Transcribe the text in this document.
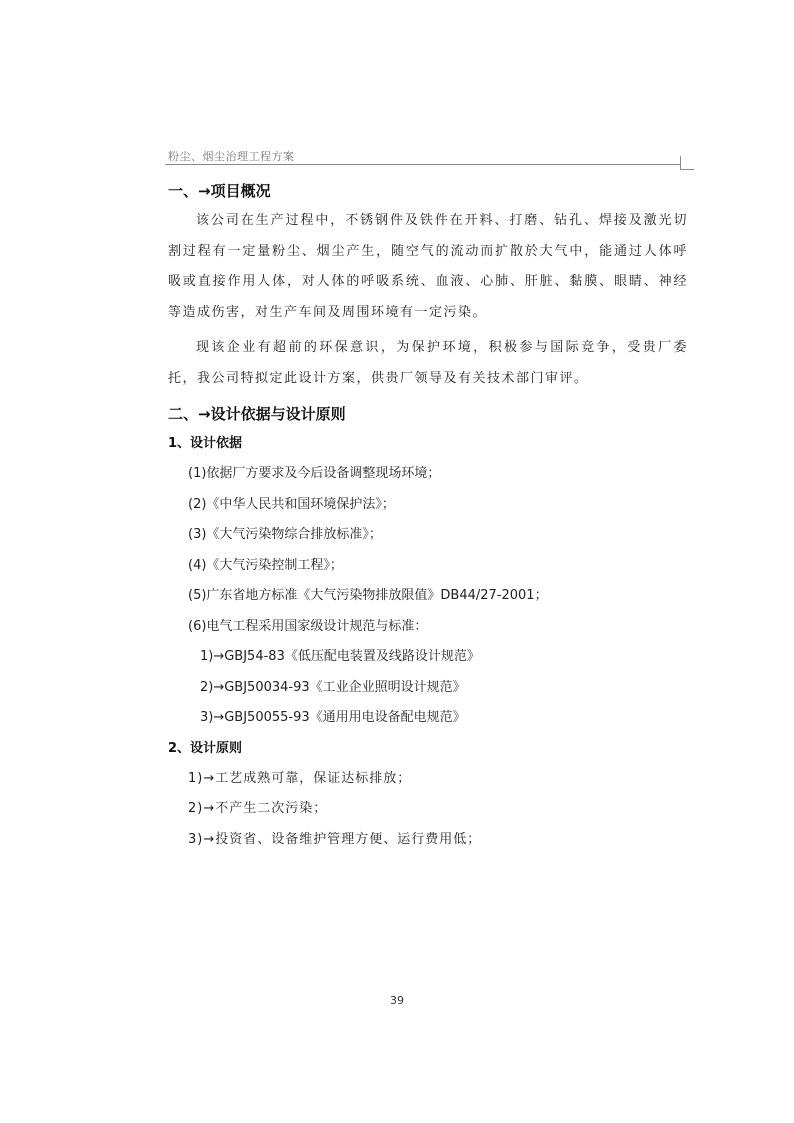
粉尘、烟尘治理工程方案
一、→项目概况

该公司在生产过程中，不锈钢件及铁件在开料、打磨、钻孔、焊接及激光切割过程有一定量粉尘、烟尘产生，随空气的流动而扩散於大气中，能通过人体呼吸或直接作用人体，对人体的呼吸系统、血液、心肺、肝脏、黏膜、眼睛、神经等造成伤害，对生产车间及周围环境有一定污染。

现该企业有超前的环保意识，为保护环境，积极参与国际竞争，受贵厂委托，我公司特拟定此设计方案，供贵厂领导及有关技术部门审评。

二、→设计依据与设计原则
1、设计依据
(1)依据厂方要求及今后设备调整现场环境；
(2)《中华人民共和国环境保护法》；
(3)《大气污染物综合排放标准》；
(4)《大气污染控制工程》；
(5)广东省地方标准《大气污染物排放限值》DB44/27-2001；
(6)电气工程采用国家级设计规范与标准：
1)→GBJ54-83《低压配电装置及线路设计规范》
2)→GBJ50034-93《工业企业照明设计规范》
3)→GBJ50055-93《通用用电设备配电规范》
2、设计原则
1)→工艺成熟可靠，保证达标排放；
2)→不产生二次污染；
3)→投资省、设备维护管理方便、运行费用低；
39
